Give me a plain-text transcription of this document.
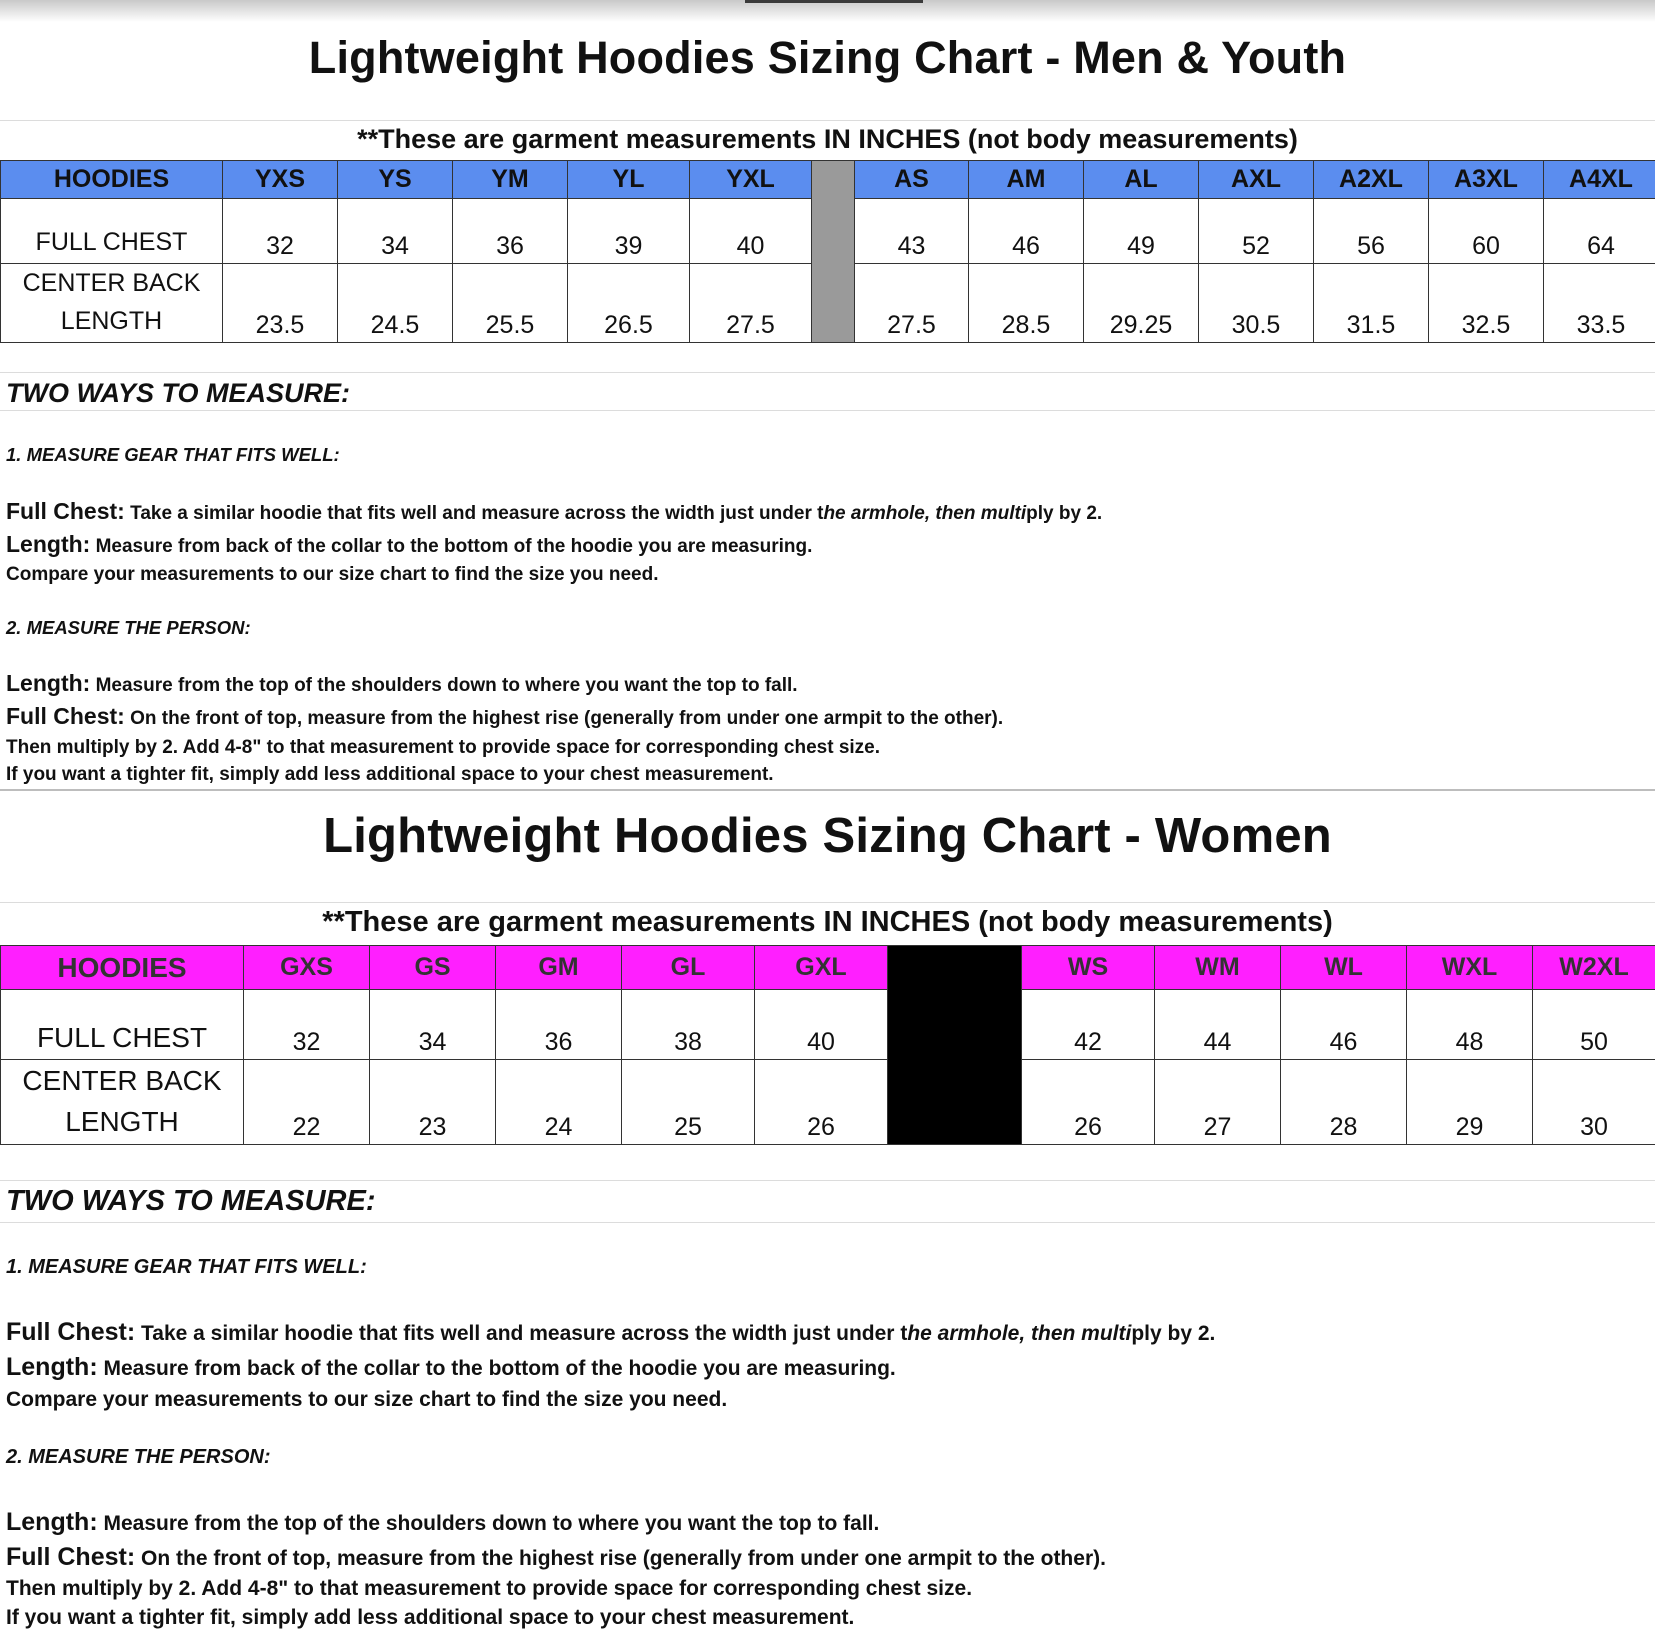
Lightweight Hoodies Sizing Chart - Men & Youth
**These are garment measurements IN INCHES (not body measurements)
HOODIES	YXS	YS	YM	YL	YXL		AS	AM	AL	AXL	A2XL	A3XL	A4XL
FULL CHEST	32	34	36	39	40		43	46	49	52	56	60	64

CENTER BACK
LENGTH	23.5	24.5	25.5	26.5	27.5		27.5	28.5	29.25	30.5	31.5	32.5	33.5
TWO WAYS TO MEASURE:
1. MEASURE GEAR THAT FITS WELL:
Full Chest: Take a similar hoodie that fits well and measure across the width just under the armhole, then multiply by 2.
Length: Measure from back of the collar to the bottom of the hoodie you are measuring.
Compare your measurements to our size chart to find the size you need.
2. MEASURE THE PERSON:
Length: Measure from the top of the shoulders down to where you want the top to fall.
Full Chest: On the front of top, measure from the highest rise (generally from under one armpit to the other).
Then multiply by 2. Add 4-8" to that measurement to provide space for corresponding chest size.
If you want a tighter fit, simply add less additional space to your chest measurement.
Lightweight Hoodies Sizing Chart - Women
**These are garment measurements IN INCHES (not body measurements)
HOODIES	GXS	GS	GM	GL	GXL		WS	WM	WL	WXL	W2XL
FULL CHEST	32	34	36	38	40		42	44	46	48	50

CENTER BACK
LENGTH	22	23	24	25	26		26	27	28	29	30
TWO WAYS TO MEASURE:
1. MEASURE GEAR THAT FITS WELL:
Full Chest: Take a similar hoodie that fits well and measure across the width just under the armhole, then multiply by 2.
Length: Measure from back of the collar to the bottom of the hoodie you are measuring.
Compare your measurements to our size chart to find the size you need.
2. MEASURE THE PERSON:
Length: Measure from the top of the shoulders down to where you want the top to fall.
Full Chest: On the front of top, measure from the highest rise (generally from under one armpit to the other).
Then multiply by 2. Add 4-8" to that measurement to provide space for corresponding chest size.
If you want a tighter fit, simply add less additional space to your chest measurement.
